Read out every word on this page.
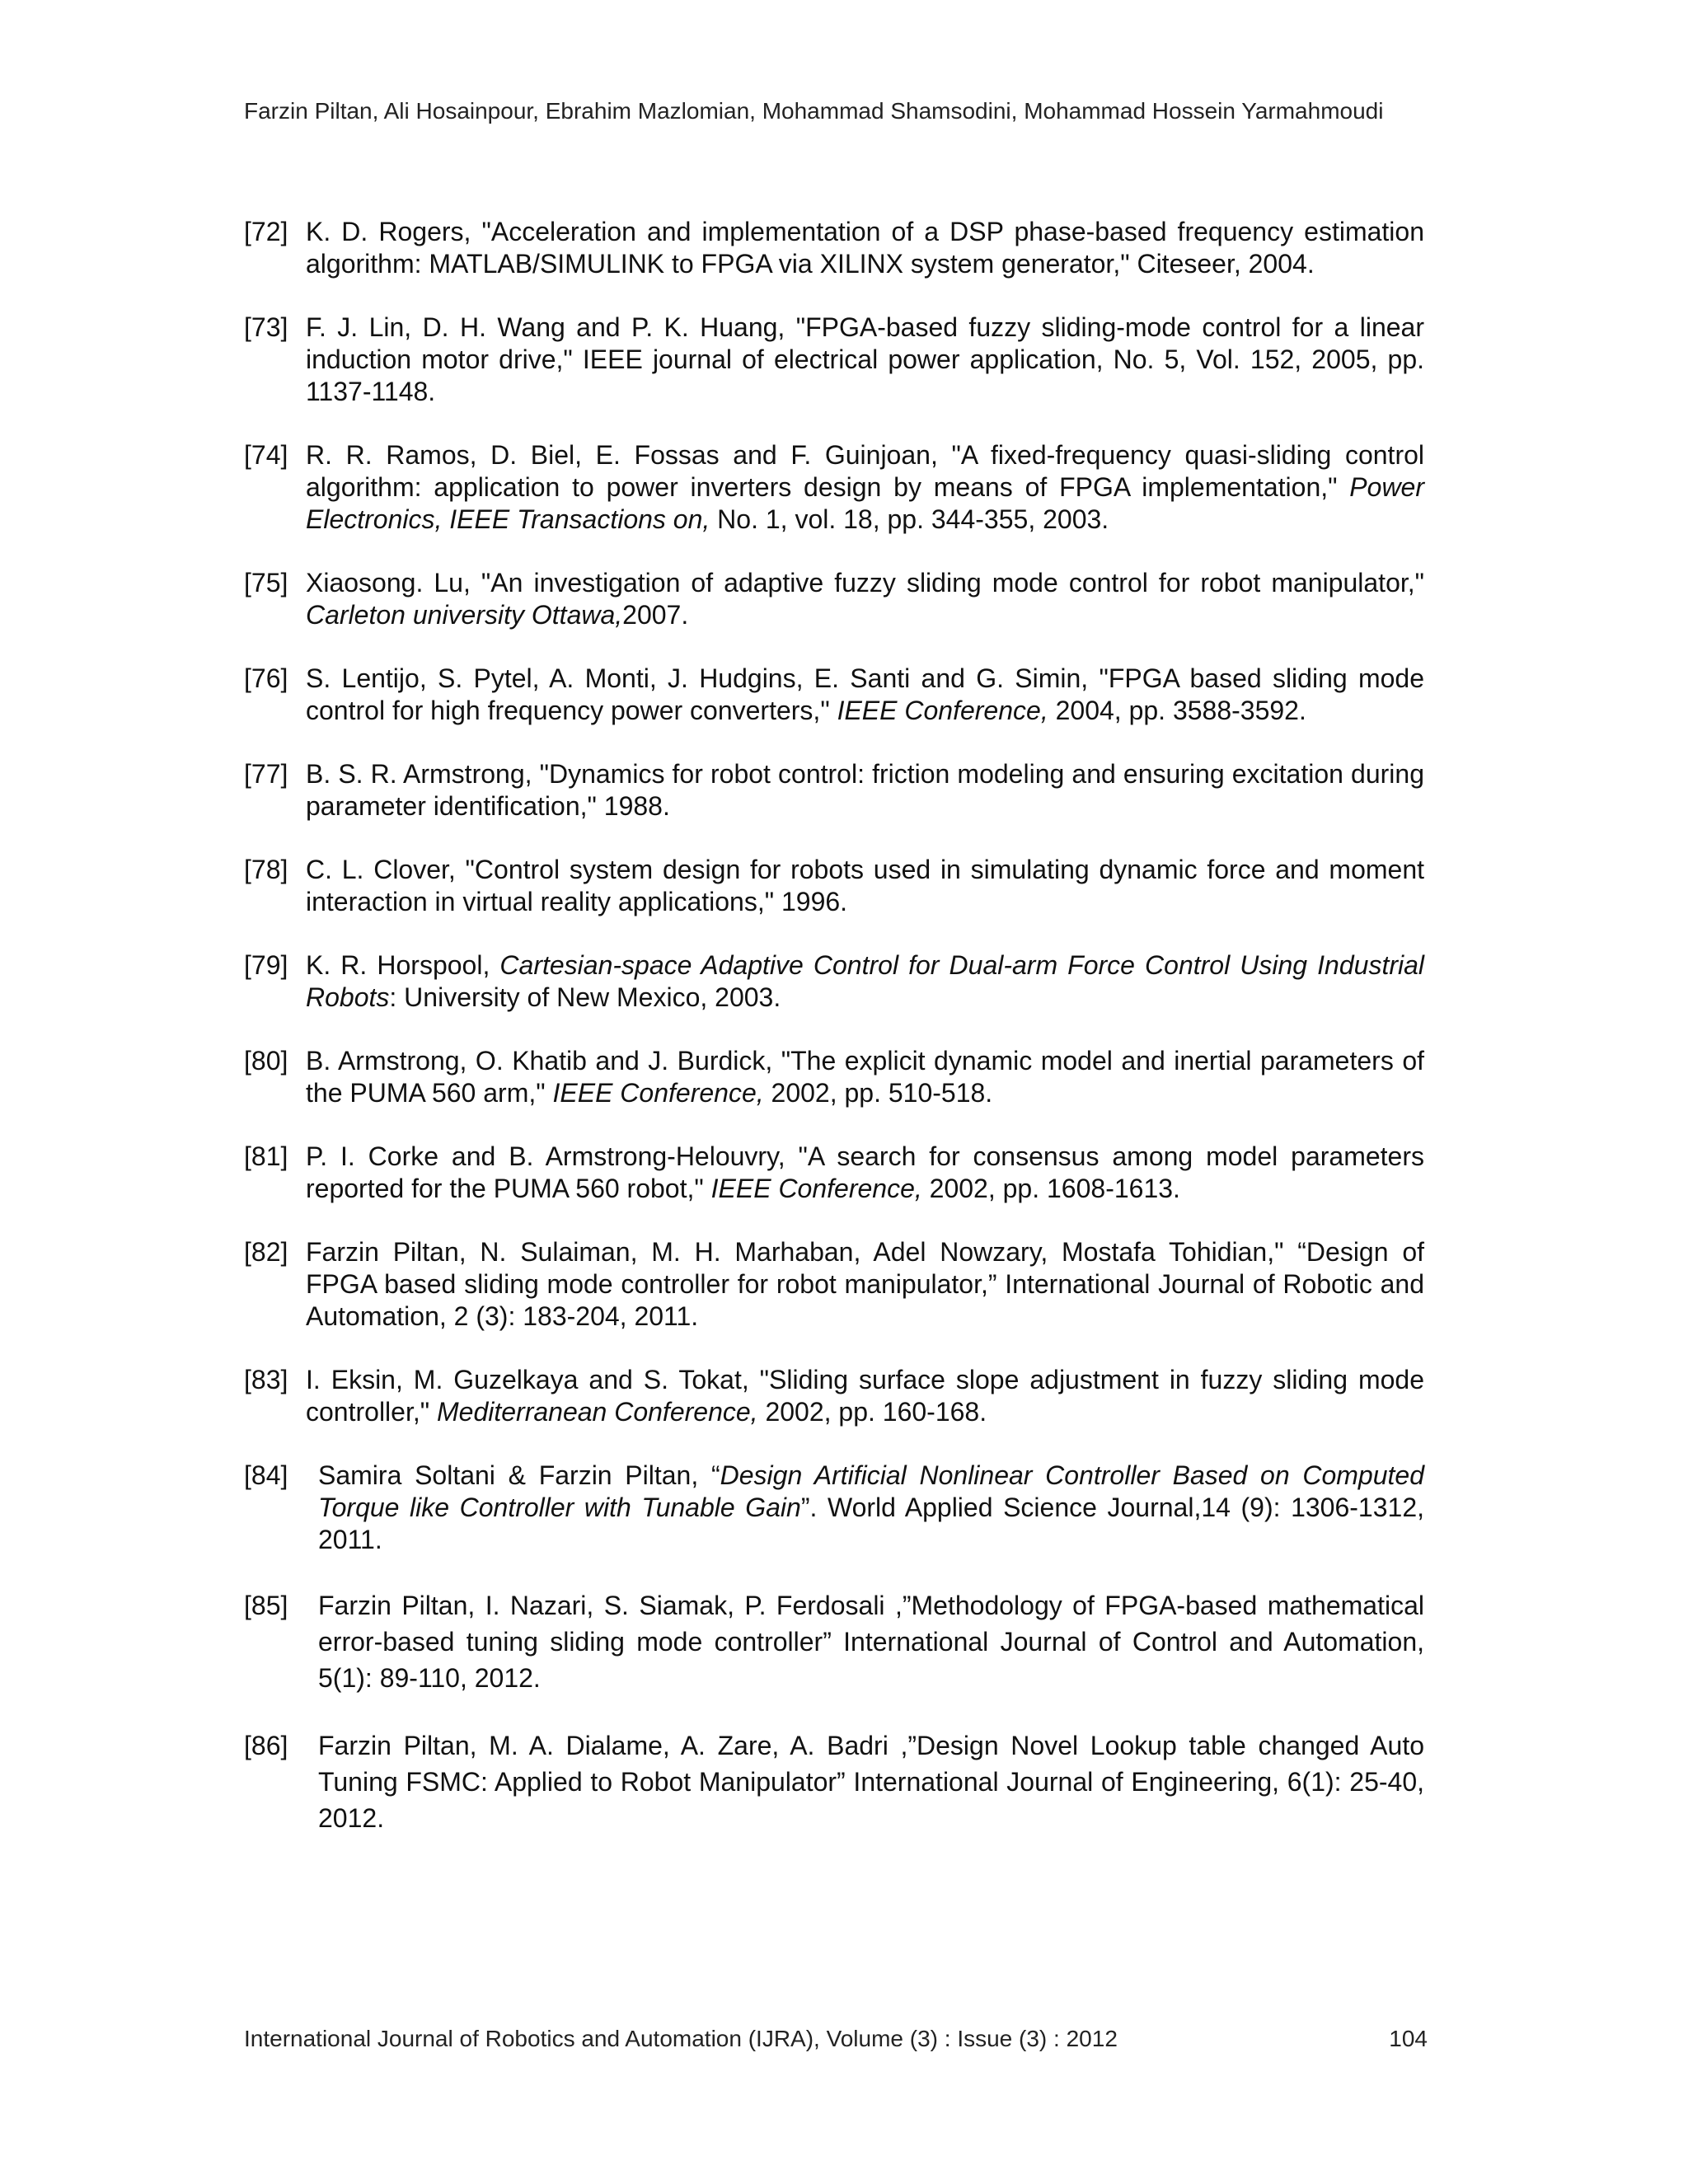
Farzin Piltan, Ali Hosainpour, Ebrahim Mazlomian, Mohammad Shamsodini, Mohammad Hossein Yarmahmoudi
[72] K. D. Rogers, "Acceleration and implementation of a DSP phase-based frequency estimation algorithm: MATLAB/SIMULINK to FPGA via XILINX system generator," Citeseer, 2004.
[73] F. J. Lin, D. H. Wang and P. K. Huang, "FPGA-based fuzzy sliding-mode control for a linear induction motor drive," IEEE journal of electrical power application, No. 5, Vol. 152, 2005, pp. 1137-1148.
[74] R. R. Ramos, D. Biel, E. Fossas and F. Guinjoan, "A fixed-frequency quasi-sliding control algorithm: application to power inverters design by means of FPGA implementation," Power Electronics, IEEE Transactions on, No. 1, vol. 18, pp. 344-355, 2003.
[75] Xiaosong. Lu, "An investigation of adaptive fuzzy sliding mode control for robot manipulator," Carleton university Ottawa,2007.
[76] S. Lentijo, S. Pytel, A. Monti, J. Hudgins, E. Santi and G. Simin, "FPGA based sliding mode control for high frequency power converters," IEEE Conference, 2004, pp. 3588-3592.
[77] B. S. R. Armstrong, "Dynamics for robot control: friction modeling and ensuring excitation during parameter identification," 1988.
[78] C. L. Clover, "Control system design for robots used in simulating dynamic force and moment interaction in virtual reality applications," 1996.
[79] K. R. Horspool, Cartesian-space Adaptive Control for Dual-arm Force Control Using Industrial Robots: University of New Mexico, 2003.
[80] B. Armstrong, O. Khatib and J. Burdick, "The explicit dynamic model and inertial parameters of the PUMA 560 arm," IEEE Conference, 2002, pp. 510-518.
[81] P. I. Corke and B. Armstrong-Helouvry, "A search for consensus among model parameters reported for the PUMA 560 robot," IEEE Conference, 2002, pp. 1608-1613.
[82] Farzin Piltan, N. Sulaiman, M. H. Marhaban, Adel Nowzary, Mostafa Tohidian," “Design of FPGA based sliding mode controller for robot manipulator,” International Journal of Robotic and Automation, 2 (3): 183-204, 2011.
[83] I. Eksin, M. Guzelkaya and S. Tokat, "Sliding surface slope adjustment in fuzzy sliding mode controller," Mediterranean Conference, 2002, pp. 160-168.
[84]	Samira Soltani & Farzin Piltan, “Design Artificial Nonlinear Controller Based on Computed Torque like Controller with Tunable Gain”. World Applied Science Journal,14 (9): 1306-1312, 2011.
[85]	Farzin Piltan, I. Nazari, S. Siamak, P. Ferdosali ,”Methodology of FPGA-based mathematical error-based tuning sliding mode controller” International Journal of Control and Automation, 5(1): 89-110, 2012.
[86]	Farzin Piltan, M. A. Dialame, A. Zare, A. Badri ,”Design Novel Lookup table changed Auto Tuning FSMC: Applied to Robot Manipulator” International Journal of Engineering, 6(1): 25-40, 2012.
International Journal of Robotics and Automation (IJRA), Volume (3) : Issue (3) : 2012	104
